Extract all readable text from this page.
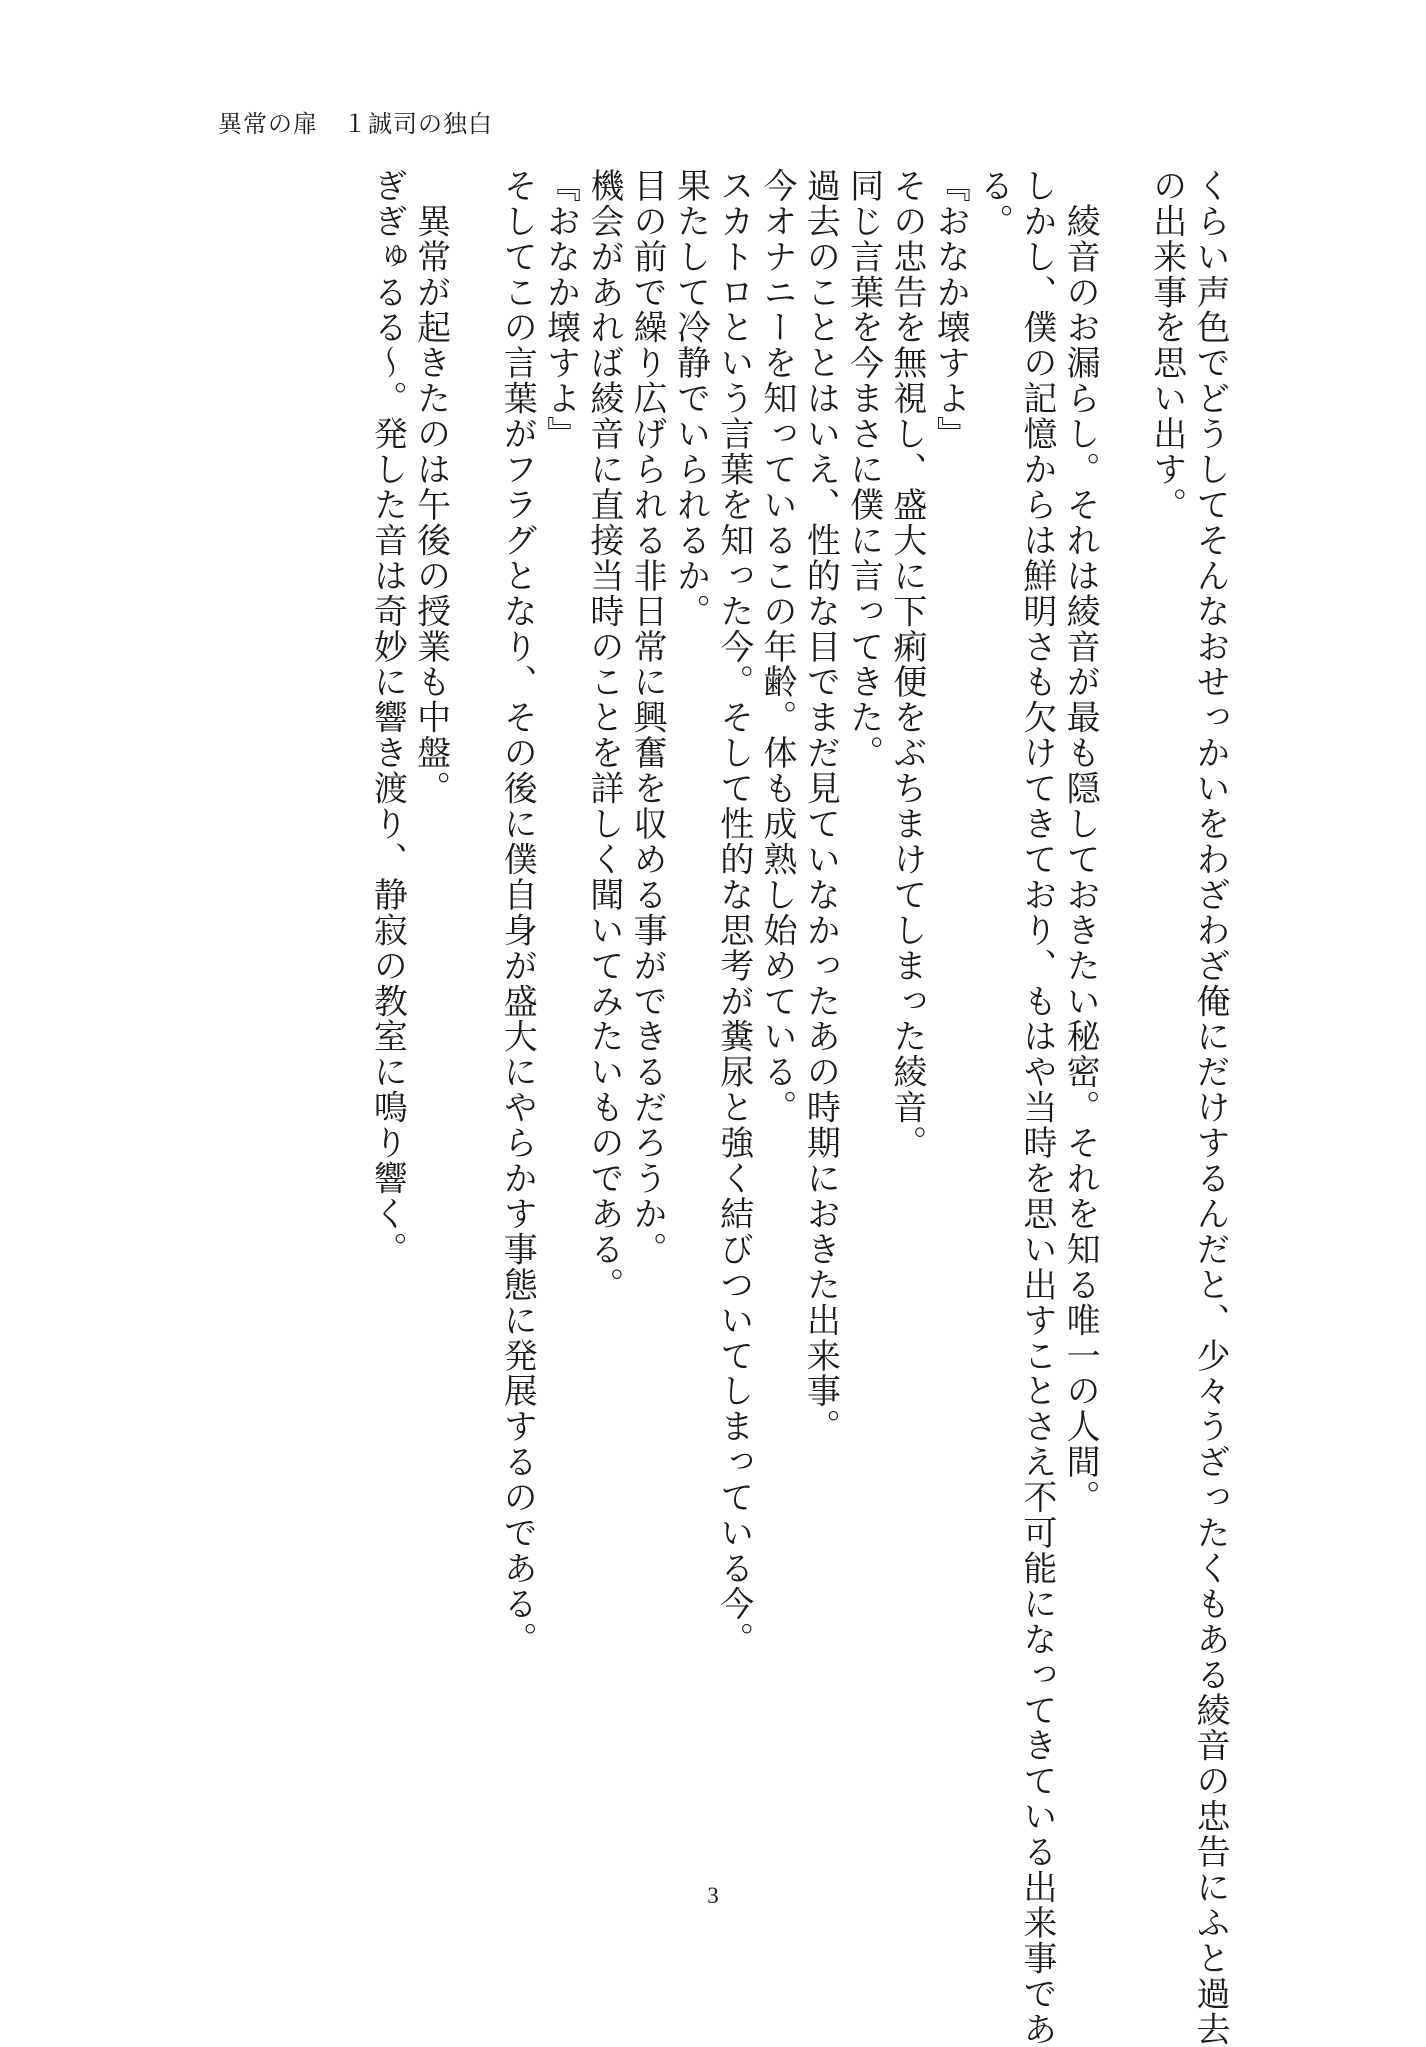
異常の扉　１誠司の独白
くらい声色でどうしてそんなおせっかいをわざわざ俺にだけするんだと、少々うざったくもある綾音の忠告にふと過去
の出来事を思い出す。

　綾音のお漏らし。それは綾音が最も隠しておきたい秘密。それを知る唯一の人間。
しかし、僕の記憶からは鮮明さも欠けてきており、もはや当時を思い出すことさえ不可能になってきている出来事であ
る。
『おなか壊すよ』
その忠告を無視し、盛大に下痢便をぶちまけてしまった綾音。
同じ言葉を今まさに僕に言ってきた。
過去のこととはいえ、性的な目でまだ見ていなかったあの時期におきた出来事。
今オナニーを知っているこの年齢。体も成熟し始めている。
スカトロという言葉を知った今。そして性的な思考が糞尿と強く結びついてしまっている今。
果たして冷静でいられるか。
目の前で繰り広げられる非日常に興奮を収める事ができるだろうか。
機会があれば綾音に直接当時のことを詳しく聞いてみたいものである。
『おなか壊すよ』
そしてこの言葉がフラグとなり、その後に僕自身が盛大にやらかす事態に発展するのである。

　異常が起きたのは午後の授業も中盤。
ぎぎゅるる〜。発した音は奇妙に響き渡り、静寂の教室に鳴り響く。
3
